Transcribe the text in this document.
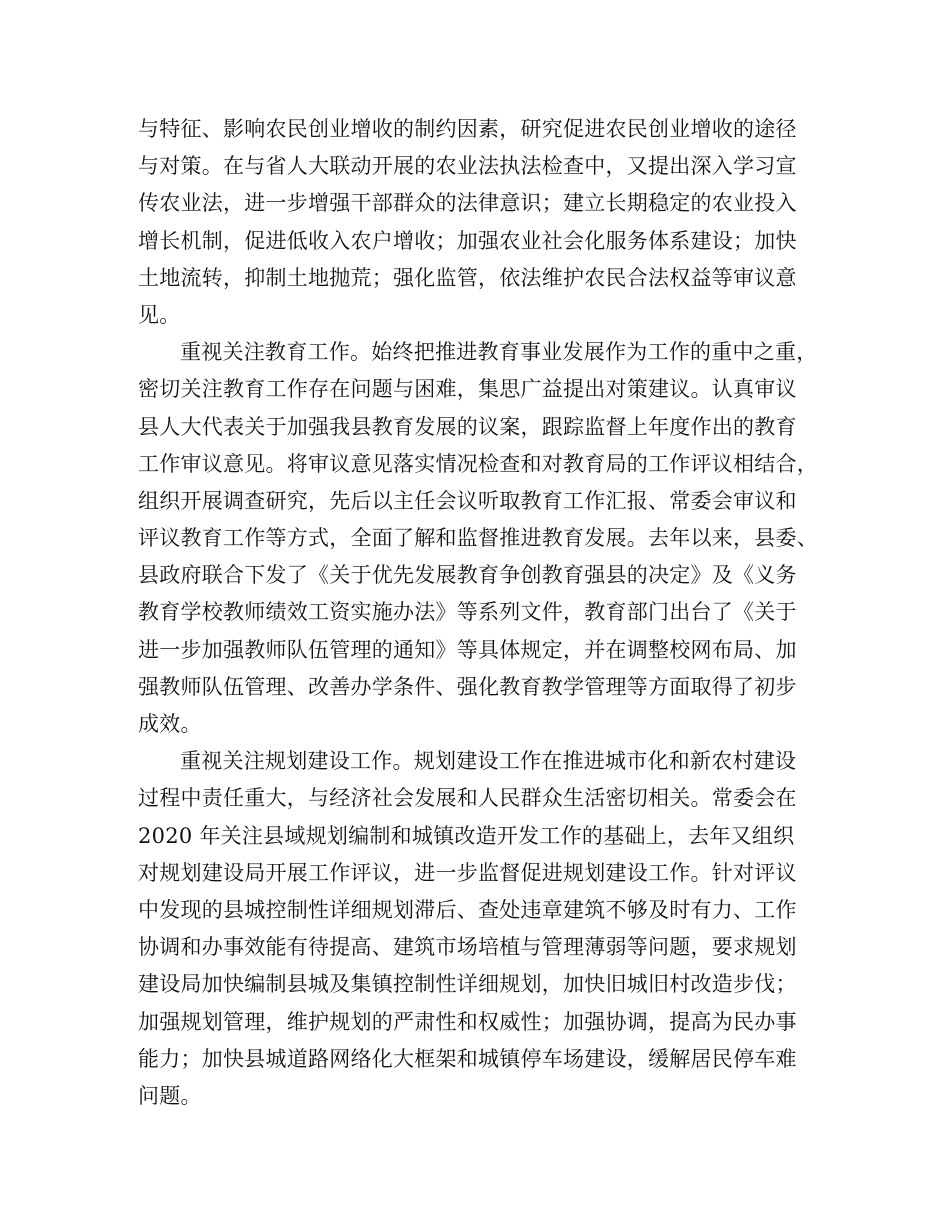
与特征、影响农民创业增收的制约因素，研究促进农民创业增收的途径
与对策。在与省人大联动开展的农业法执法检查中，又提出深入学习宣
传农业法，进一步增强干部群众的法律意识；建立长期稳定的农业投入
增长机制，促进低收入农户增收；加强农业社会化服务体系建设；加快
土地流转，抑制土地抛荒；强化监管，依法维护农民合法权益等审议意
见。
重视关注教育工作。始终把推进教育事业发展作为工作的重中之重，
密切关注教育工作存在问题与困难，集思广益提出对策建议。认真审议
县人大代表关于加强我县教育发展的议案，跟踪监督上年度作出的教育
工作审议意见。将审议意见落实情况检查和对教育局的工作评议相结合，
组织开展调查研究，先后以主任会议听取教育工作汇报、常委会审议和
评议教育工作等方式，全面了解和监督推进教育发展。去年以来，县委、
县政府联合下发了《关于优先发展教育争创教育强县的决定》及《义务
教育学校教师绩效工资实施办法》等系列文件，教育部门出台了《关于
进一步加强教师队伍管理的通知》等具体规定，并在调整校网布局、加
强教师队伍管理、改善办学条件、强化教育教学管理等方面取得了初步
成效。
重视关注规划建设工作。规划建设工作在推进城市化和新农村建设
过程中责任重大，与经济社会发展和人民群众生活密切相关。常委会在
2020 年关注县域规划编制和城镇改造开发工作的基础上，去年又组织
对规划建设局开展工作评议，进一步监督促进规划建设工作。针对评议
中发现的县城控制性详细规划滞后、查处违章建筑不够及时有力、工作
协调和办事效能有待提高、建筑市场培植与管理薄弱等问题，要求规划
建设局加快编制县城及集镇控制性详细规划，加快旧城旧村改造步伐；
加强规划管理，维护规划的严肃性和权威性；加强协调，提高为民办事
能力；加快县城道路网络化大框架和城镇停车场建设，缓解居民停车难
问题。
